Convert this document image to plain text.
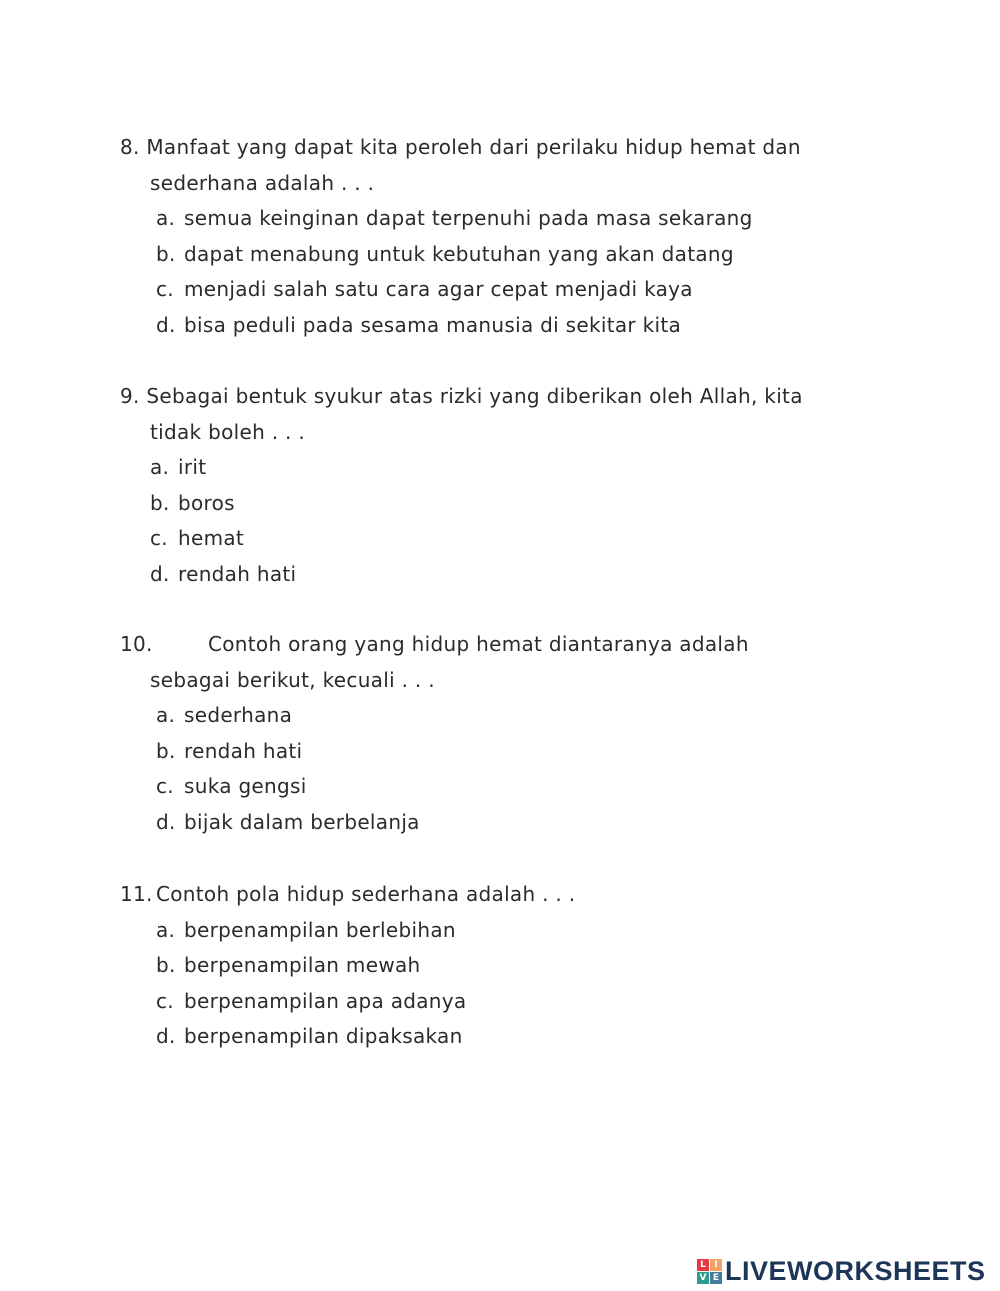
8. Manfaat yang dapat kita peroleh dari perilaku hidup hemat dan
sederhana adalah . . .
a. semua keinginan dapat terpenuhi pada masa sekarang
b. dapat menabung untuk kebutuhan yang akan datang
c. menjadi salah satu cara agar cepat menjadi kaya
d. bisa peduli pada sesama manusia di sekitar kita
9. Sebagai bentuk syukur atas rizki yang diberikan oleh Allah, kita
tidak boleh . . .
a. irit
b. boros
c. hemat
d. rendah hati
10.	Contoh orang yang hidup hemat diantaranya adalah
sebagai berikut, kecuali . . .
a. sederhana
b. rendah hati
c. suka gengsi
d. bijak dalam berbelanja
11. Contoh pola hidup sederhana adalah . . .
a. berpenampilan berlebihan
b. berpenampilan mewah
c. berpenampilan apa adanya
d. berpenampilan dipaksakan
L I
V E LIVEWORKSHEETS
